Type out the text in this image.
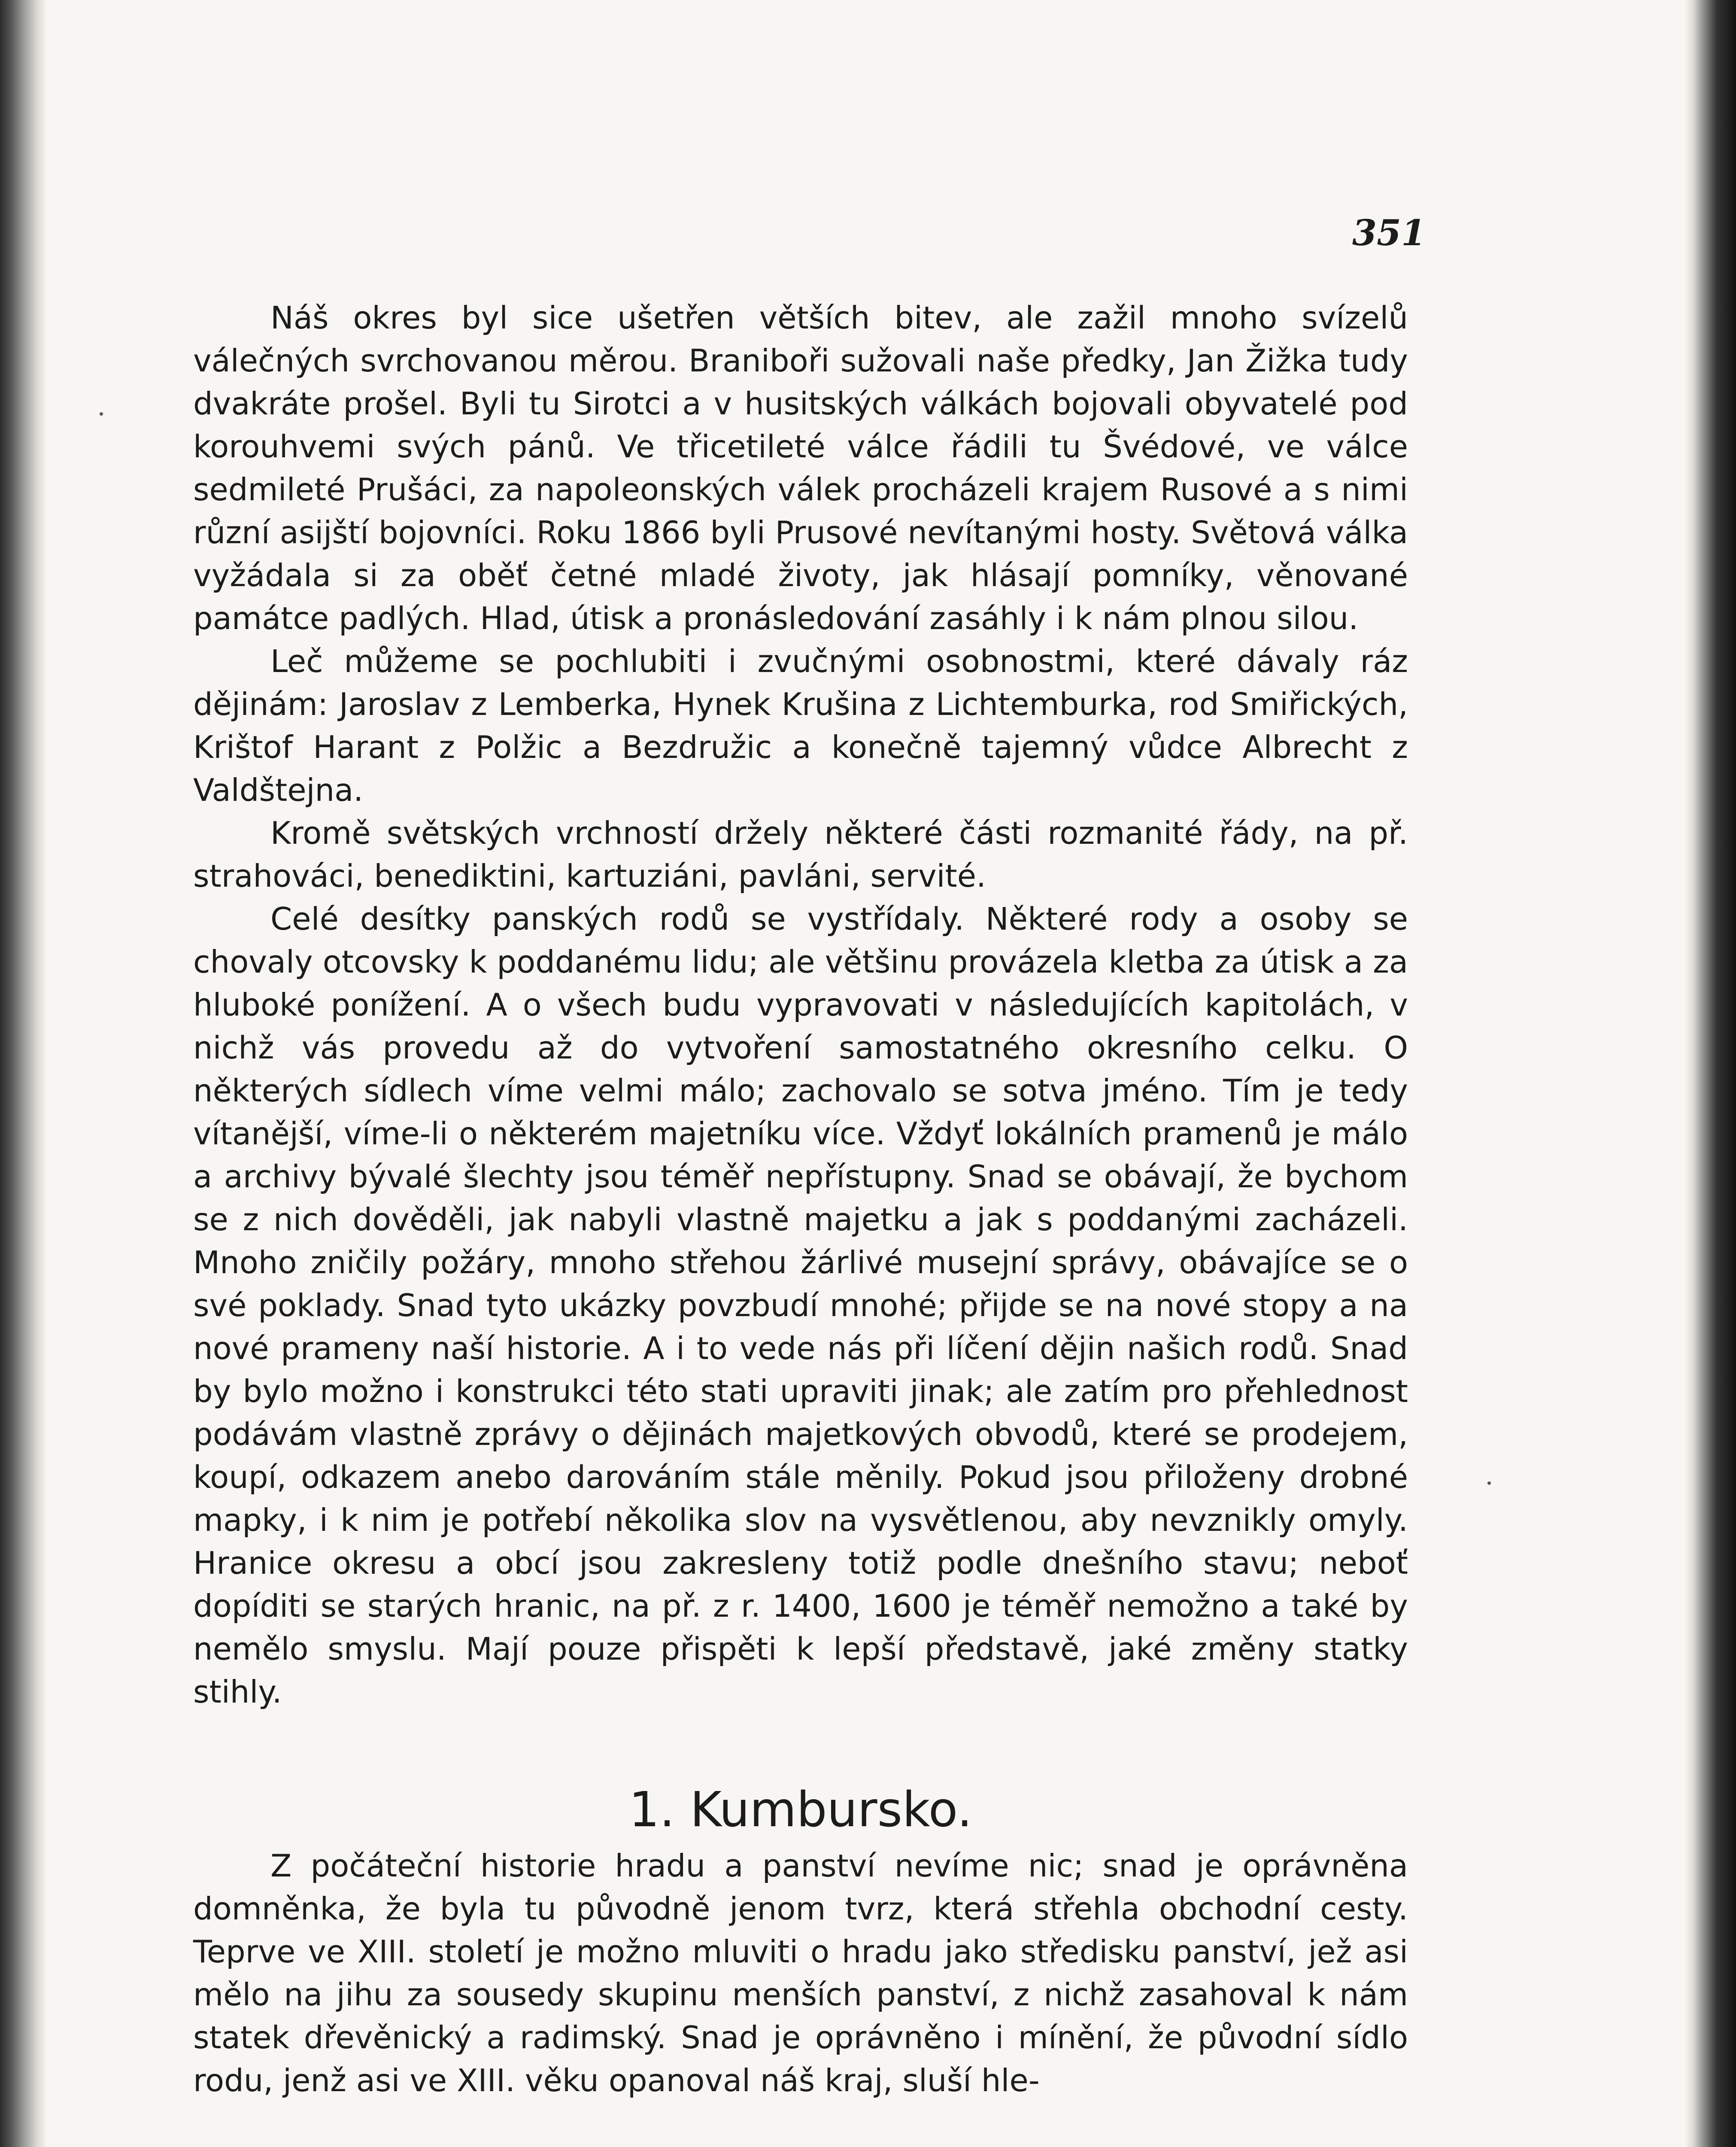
351

Náš okres byl sice ušetřen větších bitev, ale zažil mnoho svízelů válečných svrchovanou měrou. Braniboři sužovali naše předky, Jan Žižka tudy dvakráte prošel. Byli tu Sirotci a v husitských válkách bojovali obyvatelé pod korouhvemi svých pánů. Ve třicetileté válce řádili tu Švédové, ve válce sedmileté Prušáci, za napoleonských válek procházeli krajem Rusové a s nimi různí asijští bojovníci. Roku 1866 byli Prusové nevítanými hosty. Světová válka vyžádala si za oběť četné mladé životy, jak hlásají pomníky, věnované památce padlých. Hlad, útisk a pronásledování zasáhly i k nám plnou silou.

Leč můžeme se pochlubiti i zvučnými osobnostmi, které dávaly ráz dějinám: Jaroslav z Lemberka, Hynek Krušina z Lichtemburka, rod Smiřických, Krištof Harant z Polžic a Bezdružic a konečně tajemný vůdce Albrecht z Valdštejna.

Kromě světských vrchností držely některé části rozmanité řády, na př. strahováci, benediktini, kartuziáni, pavláni, servité.

Celé desítky panských rodů se vystřídaly. Některé rody a osoby se chovaly otcovsky k poddanému lidu; ale většinu provázela kletba za útisk a za hluboké ponížení. A o všech budu vypravovati v následujících kapitolách, v nichž vás provedu až do vytvoření samostatného okresního celku. O některých sídlech víme velmi málo; zachovalo se sotva jméno. Tím je tedy vítanější, víme-li o některém majetníku více. Vždyť lokálních pramenů je málo a archivy bývalé šlechty jsou téměř nepřístupny. Snad se obávají, že bychom se z nich dověděli, jak nabyli vlastně majetku a jak s poddanými zacházeli. Mnoho zničily požáry, mnoho střehou žárlivé musejní správy, obávajíce se o své poklady. Snad tyto ukázky povzbudí mnohé; přijde se na nové stopy a na nové prameny naší historie. A i to vede nás při líčení dějin našich rodů. Snad by bylo možno i konstrukci této stati upraviti jinak; ale zatím pro přehlednost podávám vlastně zprávy o dějinách majetkových obvodů, které se prodejem, koupí, odkazem anebo darováním stále měnily. Pokud jsou přiloženy drobné mapky, i k nim je potřebí několika slov na vysvětlenou, aby nevznikly omyly. Hranice okresu a obcí jsou zakresleny totiž podle dnešního stavu; neboť dopíditi se starých hranic, na př. z r. 1400, 1600 je téměř nemožno a také by nemělo smyslu. Mají pouze přispěti k lepší představě, jaké změny statky stihly.

1. Kumbursko.

Z počáteční historie hradu a panství nevíme nic; snad je oprávněna domněnka, že byla tu původně jenom tvrz, která střehla obchodní cesty. Teprve ve XIII. století je možno mluviti o hradu jako středisku panství, jež asi mělo na jihu za sousedy skupinu menších panství, z nichž zasahoval k nám statek dřevěnický a radimský. Snad je oprávněno i mínění, že původní sídlo rodu, jenž asi ve XIII. věku opanoval náš kraj, sluší hle-
